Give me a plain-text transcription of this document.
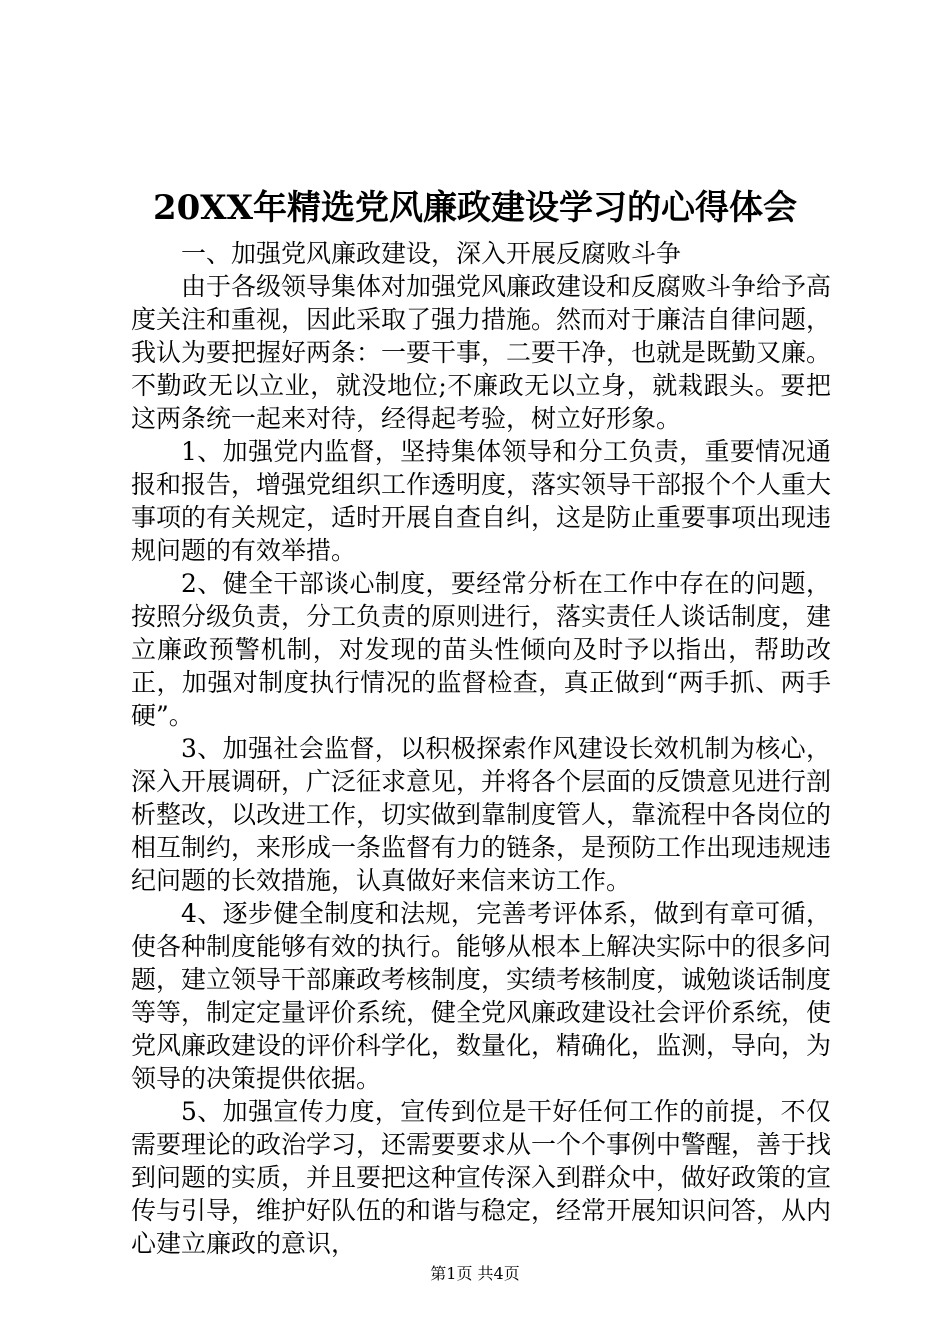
20XX年精选党风廉政建设学习的心得体会

一、加强党风廉政建设，深入开展反腐败斗争

由于各级领导集体对加强党风廉政建设和反腐败斗争给予高度关注和重视，因此采取了强力措施。然而对于廉洁自律问题，我认为要把握好两条：一要干事，二要干净，也就是既勤又廉。不勤政无以立业，就没地位;不廉政无以立身，就栽跟头。要把这两条统一起来对待，经得起考验，树立好形象。

1、加强党内监督，坚持集体领导和分工负责，重要情况通报和报告，增强党组织工作透明度，落实领导干部报个个人重大事项的有关规定，适时开展自查自纠，这是防止重要事项出现违规问题的有效举措。

2、健全干部谈心制度，要经常分析在工作中存在的问题，按照分级负责，分工负责的原则进行，落实责任人谈话制度，建立廉政预警机制，对发现的苗头性倾向及时予以指出，帮助改正，加强对制度执行情况的监督检查，真正做到“两手抓、两手硬”。

3、加强社会监督，以积极探索作风建设长效机制为核心，深入开展调研，广泛征求意见，并将各个层面的反馈意见进行剖析整改，以改进工作，切实做到靠制度管人，靠流程中各岗位的相互制约，来形成一条监督有力的链条，是预防工作出现违规违纪问题的长效措施，认真做好来信来访工作。

4、逐步健全制度和法规，完善考评体系，做到有章可循，使各种制度能够有效的执行。能够从根本上解决实际中的很多问题，建立领导干部廉政考核制度，实绩考核制度，诚勉谈话制度等等，制定定量评价系统，健全党风廉政建设社会评价系统，使党风廉政建设的评价科学化，数量化，精确化，监测，导向，为领导的决策提供依据。

5、加强宣传力度，宣传到位是干好任何工作的前提，不仅需要理论的政治学习，还需要要求从一个个事例中警醒，善于找到问题的实质，并且要把这种宣传深入到群众中，做好政策的宣传与引导，维护好队伍的和谐与稳定，经常开展知识问答，从内心建立廉政的意识，

第1页 共4页
